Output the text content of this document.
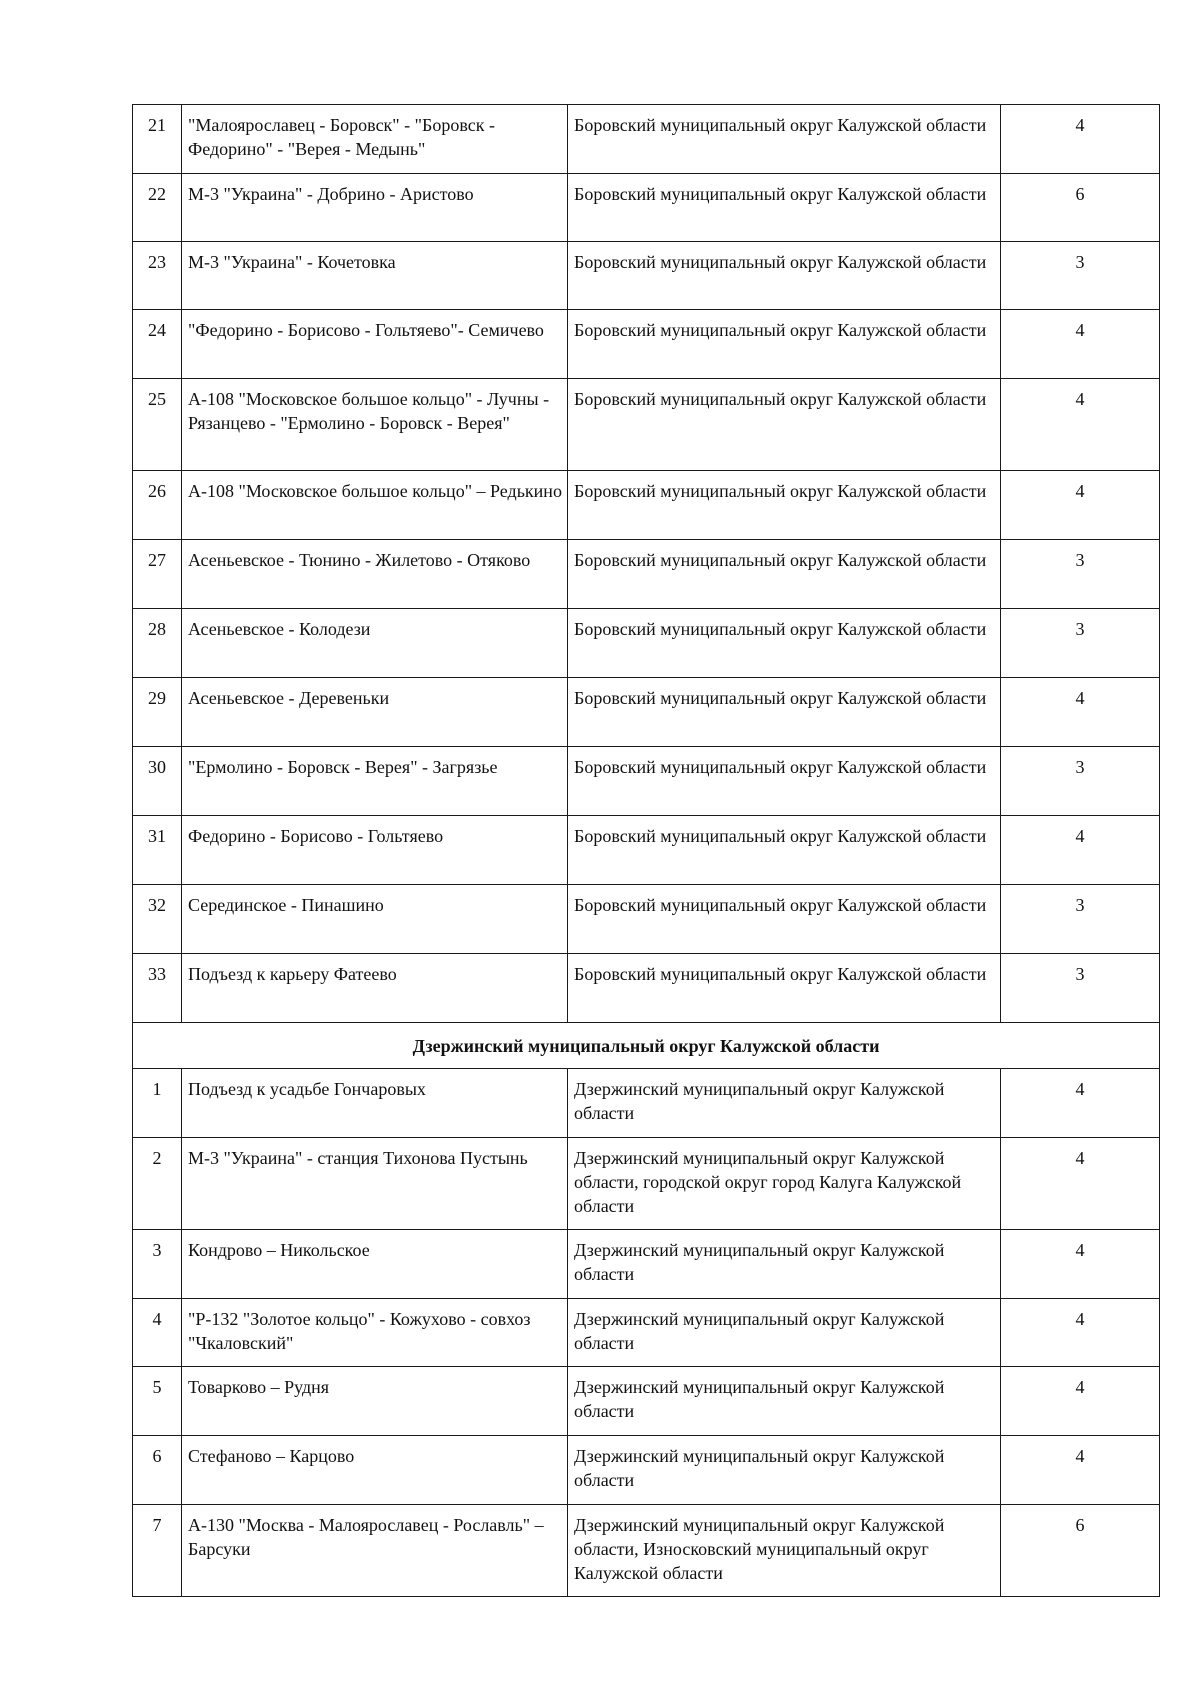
21	"Малоярославец - Боровск" - "Боровск - Федорино" - "Верея - Медынь"	Боровский муниципальный округ Калужской области	4
22	М-3 "Украина" - Добрино - Аристово	Боровский муниципальный округ Калужской области	6
23	М-3 "Украина" - Кочетовка	Боровский муниципальный округ Калужской области	3
24	"Федорино - Борисово - Гольтяево"- Семичево	Боровский муниципальный округ Калужской области	4
25	А-108 "Московское большое кольцо" - Лучны - Рязанцево - "Ермолино - Боровск - Верея"	Боровский муниципальный округ Калужской области	4
26	А-108 "Московское большое кольцо" – Редькино	Боровский муниципальный округ Калужской области	4
27	Асеньевское - Тюнино - Жилетово - Отяково	Боровский муниципальный округ Калужской области	3
28	Асеньевское - Колодези	Боровский муниципальный округ Калужской области	3
29	Асеньевское - Деревеньки	Боровский муниципальный округ Калужской области	4
30	"Ермолино - Боровск - Верея" - Загрязье	Боровский муниципальный округ Калужской области	3
31	Федорино - Борисово - Гольтяево	Боровский муниципальный округ Калужской области	4
32	Серединское - Пинашино	Боровский муниципальный округ Калужской области	3
33	Подъезд к карьеру Фатеево	Боровский муниципальный округ Калужской области	3
Дзержинский муниципальный округ Калужской области			
1	Подъезд к усадьбе Гончаровых	Дзержинский муниципальный округ Калужской области	4
2	М-3 "Украина" - станция Тихонова Пустынь	Дзержинский муниципальный округ Калужской области, городской округ город Калуга Калужской области	4
3	Кондрово – Никольское	Дзержинский муниципальный округ Калужской области	4
4	"Р-132 "Золотое кольцо" - Кожухово - совхоз "Чкаловский"	Дзержинский муниципальный округ Калужской области	4
5	Товарково – Рудня	Дзержинский муниципальный округ Калужской области	4
6	Стефаново – Карцово	Дзержинский муниципальный округ Калужской области	4
7	А-130 "Москва - Малоярославец - Рославль" – Барсуки	Дзержинский муниципальный округ Калужской области, Износковский муниципальный округ Калужской области	6
